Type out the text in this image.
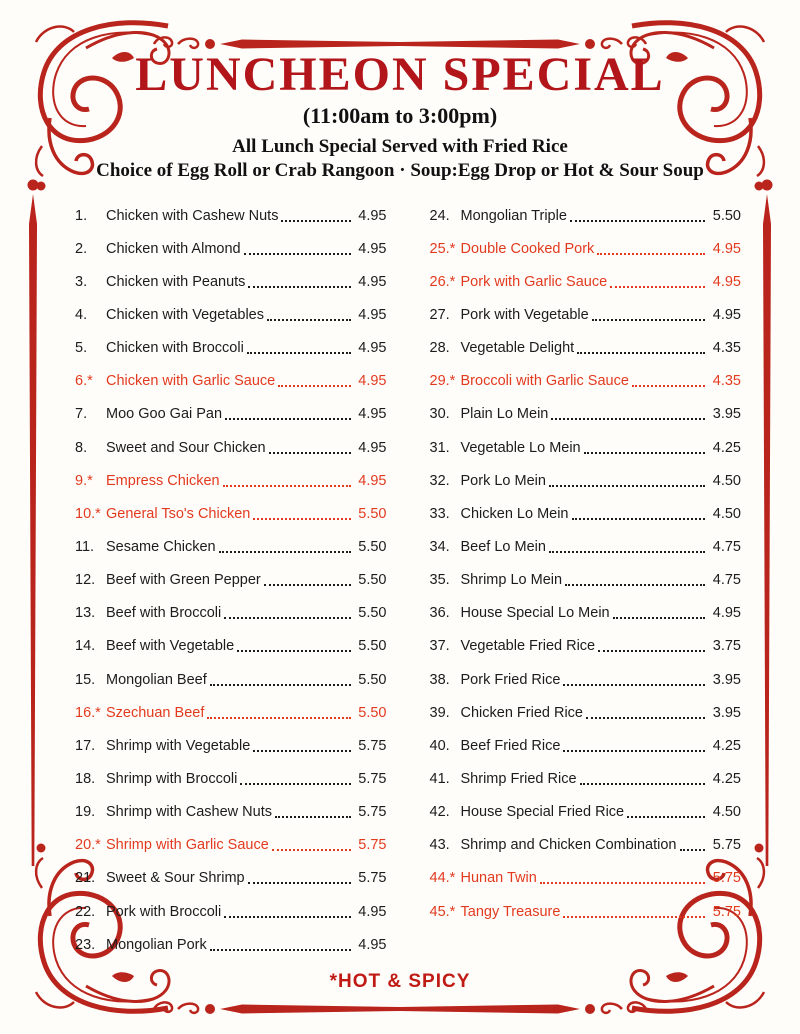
LUNCHEON SPECIAL
(11:00am to 3:00pm)
All Lunch Special Served with Fried Rice
Choice of Egg Roll or Crab Rangoon · Soup:Egg Drop or Hot & Sour Soup
1.	Chicken with Cashew Nuts	4.95
2.	Chicken with Almond	4.95
3.	Chicken with Peanuts	4.95
4.	Chicken with Vegetables	4.95
5.	Chicken with Broccoli	4.95
6.* Chicken with Garlic Sauce	4.95
7.	Moo Goo Gai Pan	4.95
8.	Sweet and Sour Chicken	4.95
9.* Empress Chicken	4.95
10.* General Tso's Chicken	5.50
11. Sesame Chicken	5.50
12. Beef with Green Pepper	5.50
13. Beef with Broccoli	5.50
14. Beef with Vegetable	5.50
15. Mongolian Beef	5.50
16.* Szechuan Beef	5.50
17. Shrimp with Vegetable	5.75
18. Shrimp with Broccoli	5.75
19. Shrimp with Cashew Nuts	5.75
20.* Shrimp with Garlic Sauce	5.75
21. Sweet & Sour Shrimp	5.75
22. Pork with Broccoli	4.95
23. Mongolian Pork	4.95
24. Mongolian Triple	5.50
25.* Double Cooked Pork	4.95
26.* Pork with Garlic Sauce	4.95
27. Pork with Vegetable	4.95
28. Vegetable Delight	4.35
29.* Broccoli with Garlic Sauce	4.35
30. Plain Lo Mein	3.95
31. Vegetable Lo Mein	4.25
32. Pork Lo Mein	4.50
33. Chicken Lo Mein	4.50
34. Beef Lo Mein	4.75
35. Shrimp Lo Mein	4.75
36. House Special Lo Mein	4.95
37. Vegetable Fried Rice	3.75
38. Pork Fried Rice	3.95
39. Chicken Fried Rice	3.95
40. Beef Fried Rice	4.25
41. Shrimp Fried Rice	4.25
42. House Special Fried Rice	4.50
43. Shrimp and Chicken Combination	5.75
44.* Hunan Twin	5.75
45.* Tangy Treasure	5.75
*HOT & SPICY
